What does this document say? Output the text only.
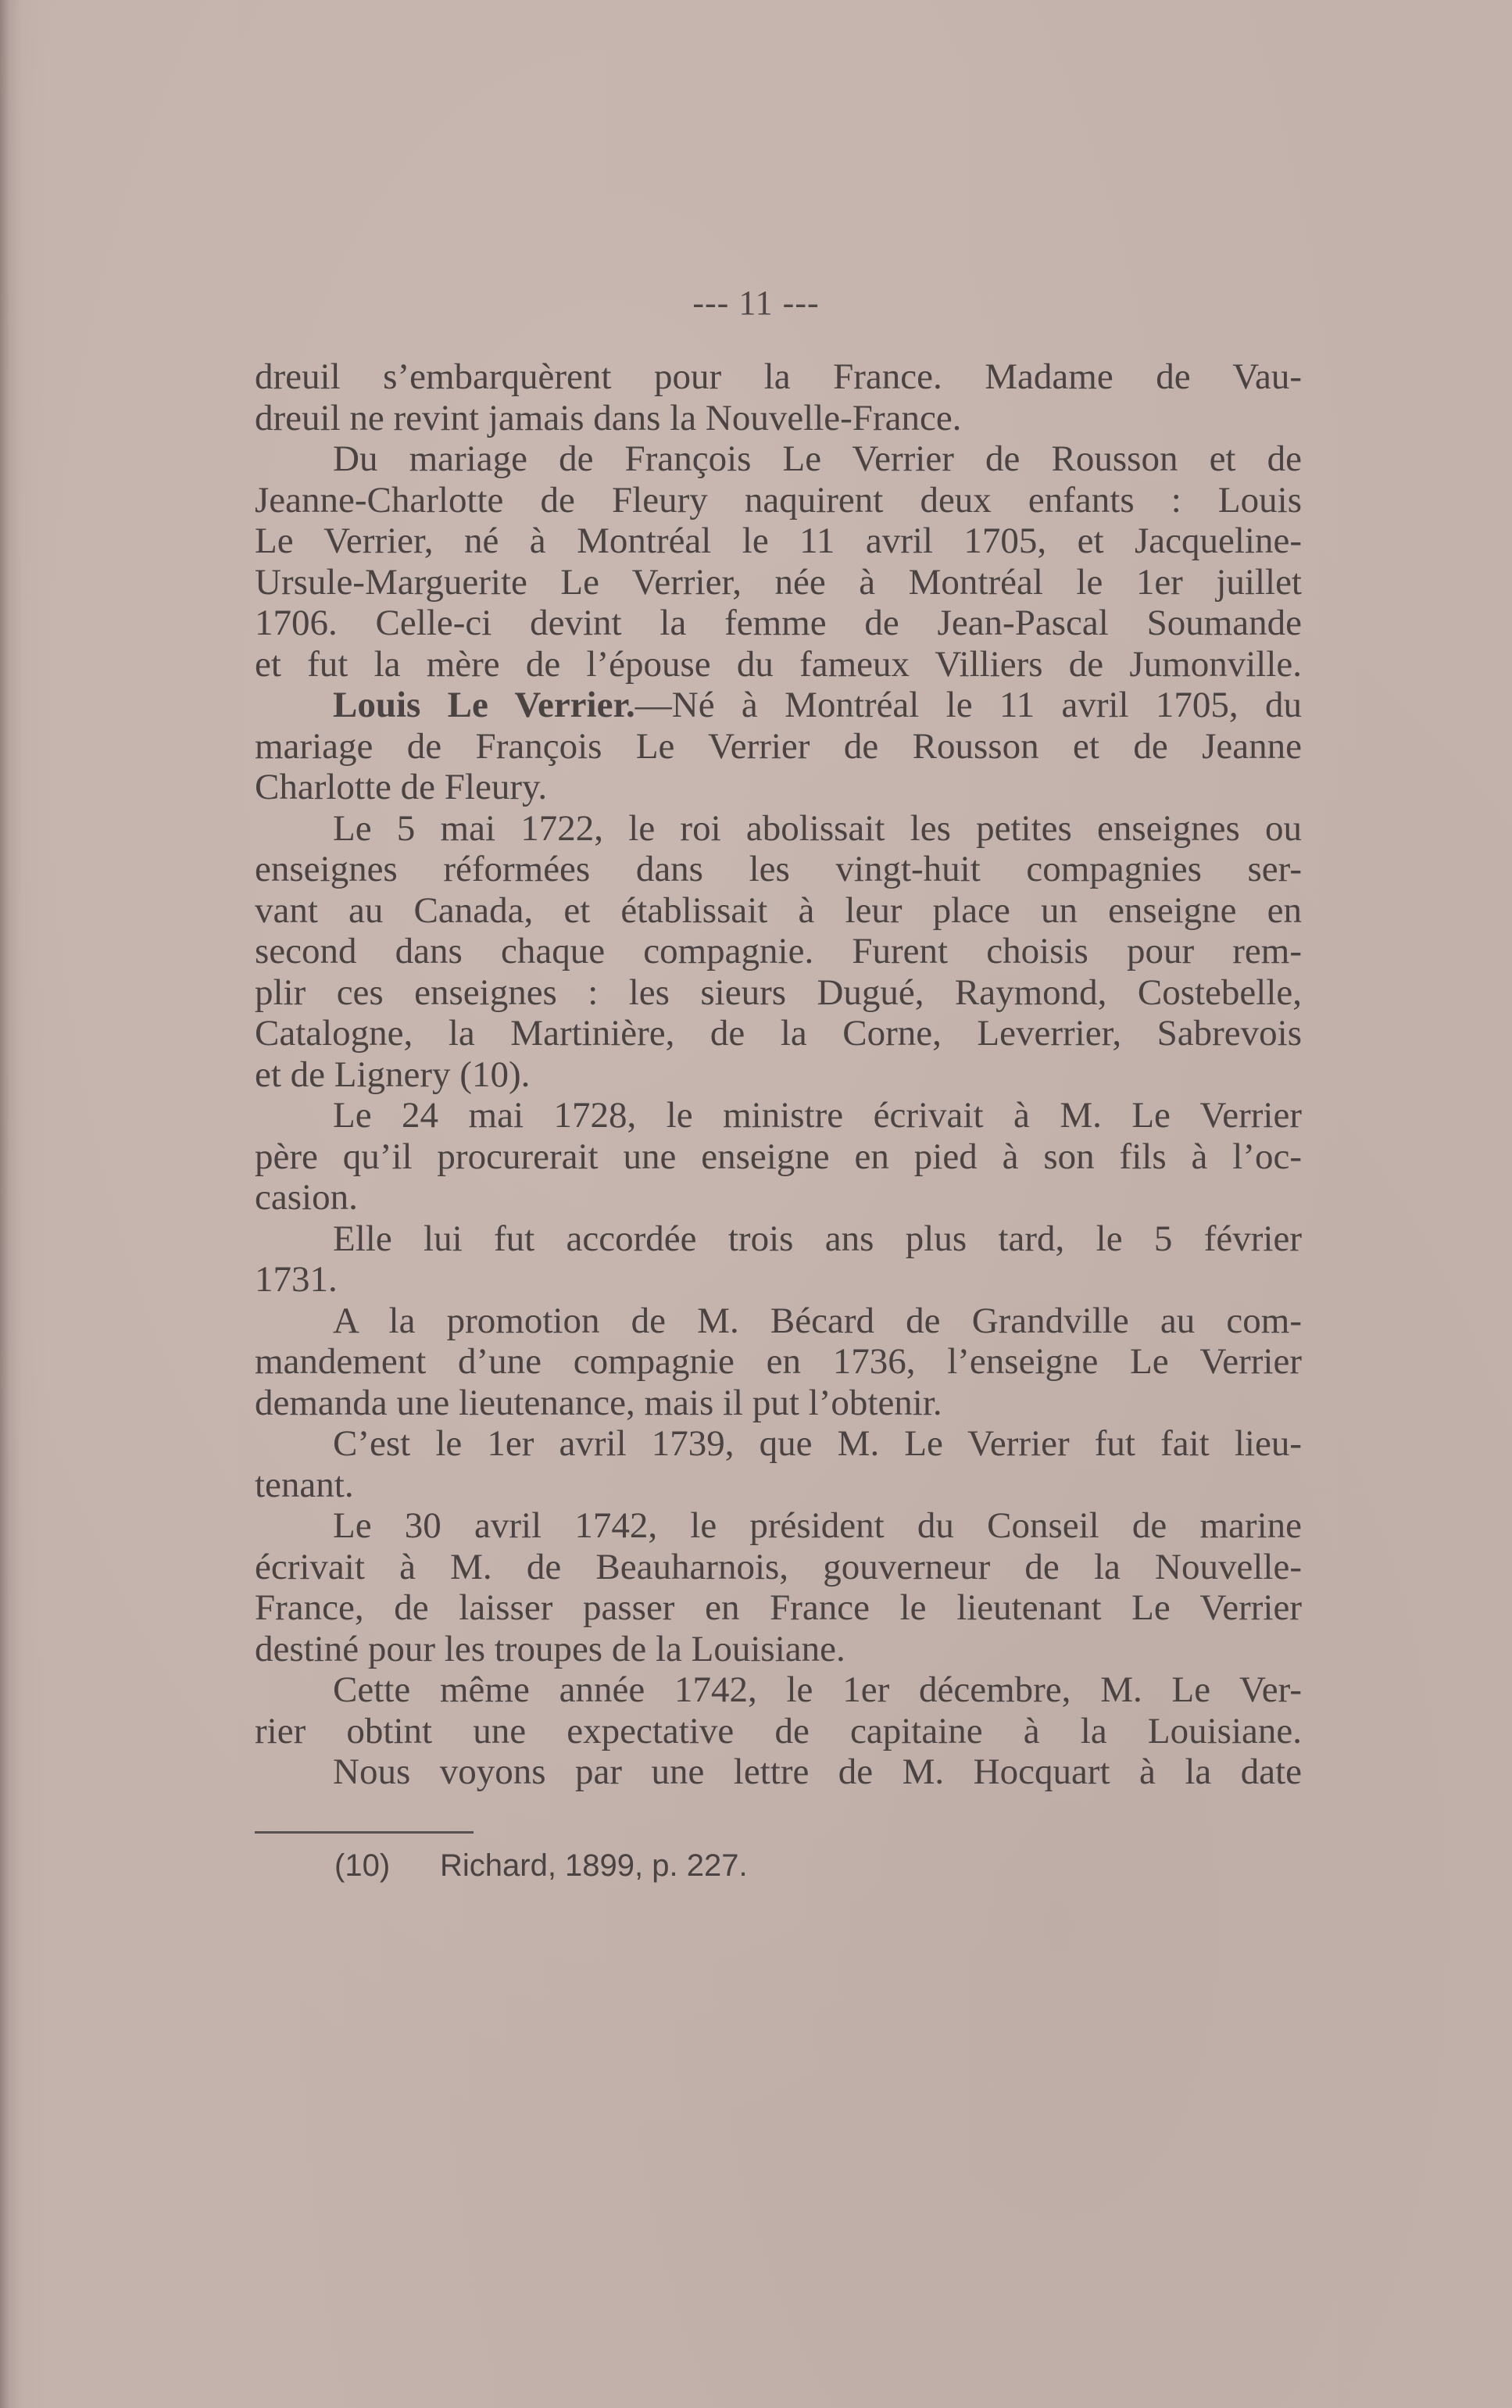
--- 11 ---
dreuil s’embarquèrent pour la France. Madame de Vau-
dreuil ne revint jamais dans la Nouvelle-France.
Du mariage de François Le Verrier de Rousson et de
Jeanne-Charlotte de Fleury naquirent deux enfants : Louis
Le Verrier, né à Montréal le 11 avril 1705, et Jacqueline-
Ursule-Marguerite Le Verrier, née à Montréal le 1er juillet
1706. Celle-ci devint la femme de Jean-Pascal Soumande
et fut la mère de l’épouse du fameux Villiers de Jumonville.
Louis Le Verrier.—Né à Montréal le 11 avril 1705, du
mariage de François Le Verrier de Rousson et de Jeanne
Charlotte de Fleury.
Le 5 mai 1722, le roi abolissait les petites enseignes ou
enseignes réformées dans les vingt-huit compagnies ser-
vant au Canada, et établissait à leur place un enseigne en
second dans chaque compagnie. Furent choisis pour rem-
plir ces enseignes : les sieurs Dugué, Raymond, Costebelle,
Catalogne, la Martinière, de la Corne, Leverrier, Sabrevois
et de Lignery (10).
Le 24 mai 1728, le ministre écrivait à M. Le Verrier
père qu’il procurerait une enseigne en pied à son fils à l’oc-
casion.
Elle lui fut accordée trois ans plus tard, le 5 février
1731.
A la promotion de M. Bécard de Grandville au com-
mandement d’une compagnie en 1736, l’enseigne Le Verrier
demanda une lieutenance, mais il put l’obtenir.
C’est le 1er avril 1739, que M. Le Verrier fut fait lieu-
tenant.
Le 30 avril 1742, le président du Conseil de marine
écrivait à M. de Beauharnois, gouverneur de la Nouvelle-
France, de laisser passer en France le lieutenant Le Verrier
destiné pour les troupes de la Louisiane.
Cette même année 1742, le 1er décembre, M. Le Ver-
rier obtint une expectative de capitaine à la Louisiane.
Nous voyons par une lettre de M. Hocquart à la date
(10) Richard, 1899, p. 227.
